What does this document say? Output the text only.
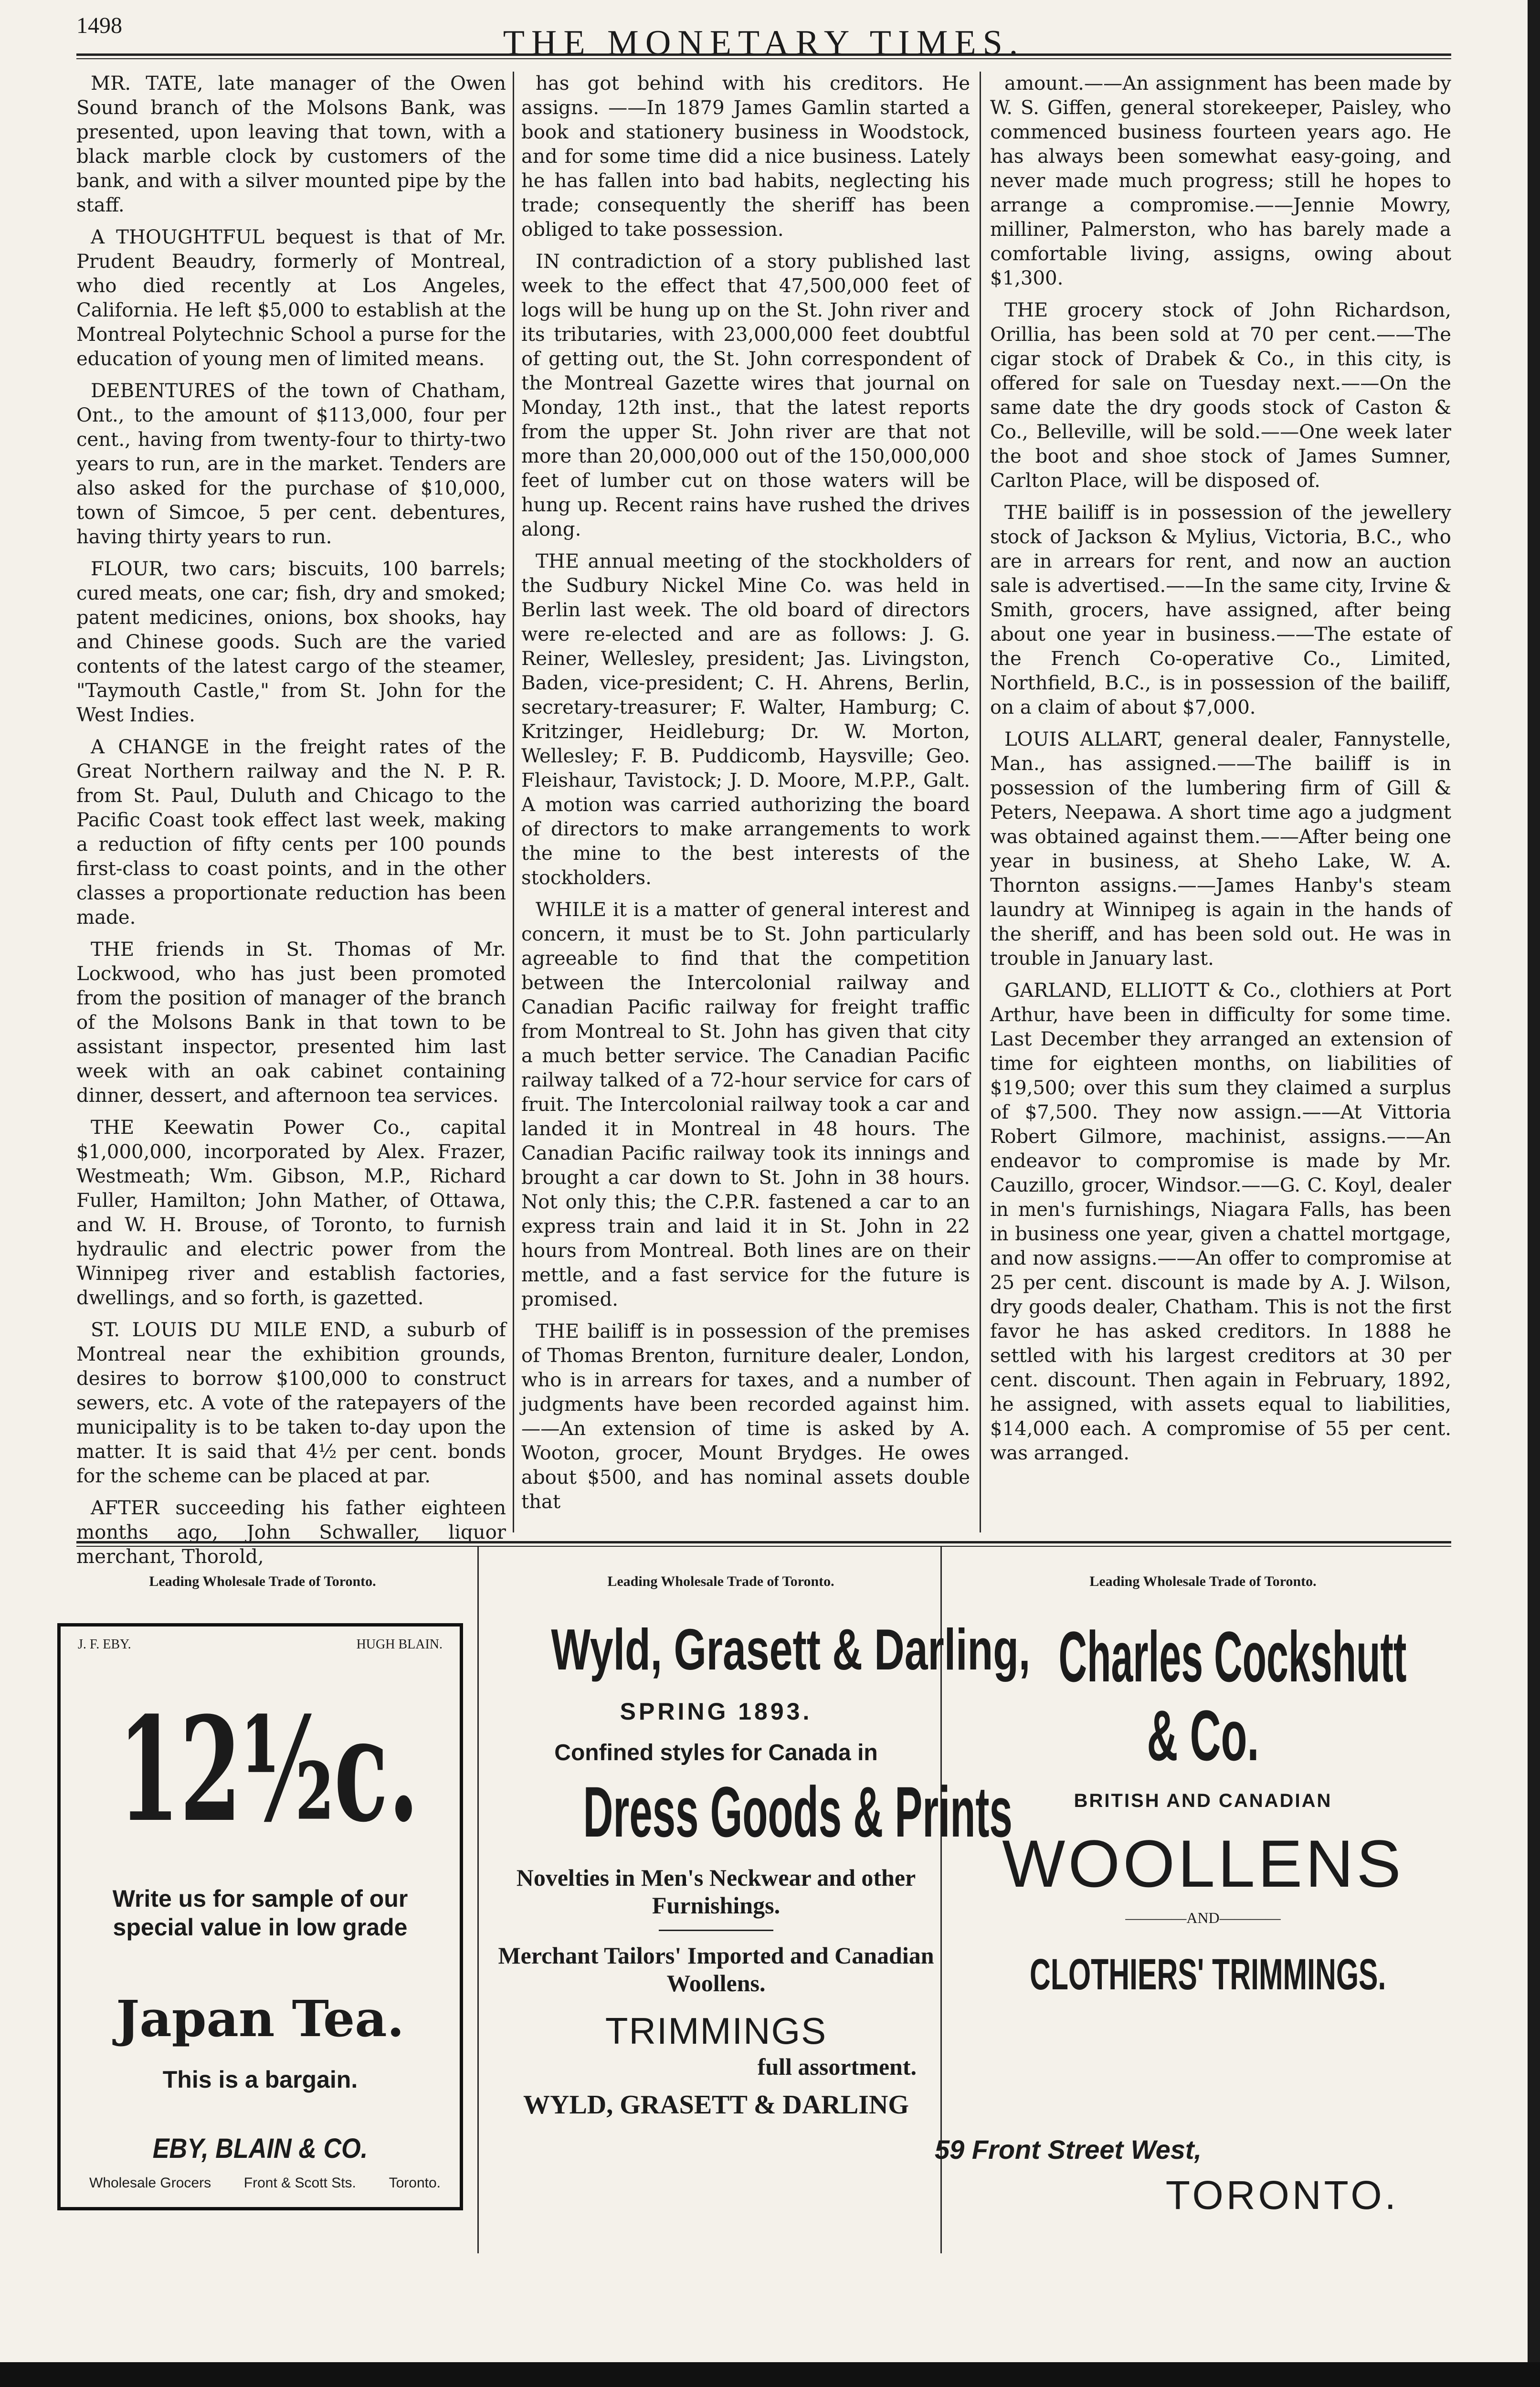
1498	THE MONETARY TIMES.

MR. TATE, late manager of the Owen Sound branch of the Molsons Bank, was presented, upon leaving that town, with a black marble clock by customers of the bank, and with a silver mounted pipe by the staff.

A THOUGHTFUL bequest is that of Mr. Prudent Beaudry, formerly of Montreal, who died recently at Los Angeles, California. He left $5,000 to establish at the Montreal Polytechnic School a purse for the education of young men of limited means.

DEBENTURES of the town of Chatham, Ont., to the amount of $113,000, four per cent., having from twenty-four to thirty-two years to run, are in the market. Tenders are also asked for the purchase of $10,000, town of Simcoe, 5 per cent. debentures, having thirty years to run.

FLOUR, two cars; biscuits, 100 barrels; cured meats, one car; fish, dry and smoked; patent medicines, onions, box shooks, hay and Chinese goods. Such are the varied contents of the latest cargo of the steamer, "Taymouth Castle," from St. John for the West Indies.

A CHANGE in the freight rates of the Great Northern railway and the N. P. R. from St. Paul, Duluth and Chicago to the Pacific Coast took effect last week, making a reduction of fifty cents per 100 pounds first-class to coast points, and in the other classes a proportionate reduction has been made.

THE friends in St. Thomas of Mr. Lockwood, who has just been promoted from the position of manager of the branch of the Molsons Bank in that town to be assistant inspector, presented him last week with an oak cabinet containing dinner, dessert, and afternoon tea services.

THE Keewatin Power Co., capital $1,000,000, incorporated by Alex. Frazer, Westmeath; Wm. Gibson, M.P., Richard Fuller, Hamilton; John Mather, of Ottawa, and W. H. Brouse, of Toronto, to furnish hydraulic and electric power from the Winnipeg river and establish factories, dwellings, and so forth, is gazetted.

ST. LOUIS DU MILE END, a suburb of Montreal near the exhibition grounds, desires to borrow $100,000 to construct sewers, etc. A vote of the ratepayers of the municipality is to be taken to-day upon the matter. It is said that 4½ per cent. bonds for the scheme can be placed at par.

AFTER succeeding his father eighteen months ago, John Schwaller, liquor merchant, Thorold,

has got behind with his creditors. He assigns. ——In 1879 James Gamlin started a book and stationery business in Woodstock, and for some time did a nice business. Lately he has fallen into bad habits, neglecting his trade; consequently the sheriff has been obliged to take possession.

IN contradiction of a story published last week to the effect that 47,500,000 feet of logs will be hung up on the St. John river and its tributaries, with 23,000,000 feet doubtful of getting out, the St. John correspondent of the Montreal Gazette wires that journal on Monday, 12th inst., that the latest reports from the upper St. John river are that not more than 20,000,000 out of the 150,000,000 feet of lumber cut on those waters will be hung up. Recent rains have rushed the drives along.

THE annual meeting of the stockholders of the Sudbury Nickel Mine Co. was held in Berlin last week. The old board of directors were re-elected and are as follows: J. G. Reiner, Wellesley, president; Jas. Livingston, Baden, vice-president; C. H. Ahrens, Berlin, secretary-treasurer; F. Walter, Hamburg; C. Kritzinger, Heidleburg; Dr. W. Morton, Wellesley; F. B. Puddicomb, Haysville; Geo. Fleishaur, Tavistock; J. D. Moore, M.P.P., Galt. A motion was carried authorizing the board of directors to make arrangements to work the mine to the best interests of the stockholders.

WHILE it is a matter of general interest and concern, it must be to St. John particularly agreeable to find that the competition between the Intercolonial railway and Canadian Pacific railway for freight traffic from Montreal to St. John has given that city a much better service. The Canadian Pacific railway talked of a 72-hour service for cars of fruit. The Intercolonial railway took a car and landed it in Montreal in 48 hours. The Canadian Pacific railway took its innings and brought a car down to St. John in 38 hours. Not only this; the C.P.R. fastened a car to an express train and laid it in St. John in 22 hours from Montreal. Both lines are on their mettle, and a fast service for the future is promised.

THE bailiff is in possession of the premises of Thomas Brenton, furniture dealer, London, who is in arrears for taxes, and a number of judgments have been recorded against him. ——An extension of time is asked by A. Wooton, grocer, Mount Brydges. He owes about $500, and has nominal assets double that

amount.——An assignment has been made by W. S. Giffen, general storekeeper, Paisley, who commenced business fourteen years ago. He has always been somewhat easy-going, and never made much progress; still he hopes to arrange a compromise.——Jennie Mowry, milliner, Palmerston, who has barely made a comfortable living, assigns, owing about $1,300.

THE grocery stock of John Richardson, Orillia, has been sold at 70 per cent.——The cigar stock of Drabek & Co., in this city, is offered for sale on Tuesday next.——On the same date the dry goods stock of Caston & Co., Belleville, will be sold.——One week later the boot and shoe stock of James Sumner, Carlton Place, will be disposed of.

THE bailiff is in possession of the jewellery stock of Jackson & Mylius, Victoria, B.C., who are in arrears for rent, and now an auction sale is advertised.——In the same city, Irvine & Smith, grocers, have assigned, after being about one year in business.——The estate of the French Co-operative Co., Limited, Northfield, B.C., is in possession of the bailiff, on a claim of about $7,000.

LOUIS ALLART, general dealer, Fannystelle, Man., has assigned.——The bailiff is in possession of the lumbering firm of Gill & Peters, Neepawa. A short time ago a judgment was obtained against them.——After being one year in business, at Sheho Lake, W. A. Thornton assigns.——James Hanby's steam laundry at Winnipeg is again in the hands of the sheriff, and has been sold out. He was in trouble in January last.

GARLAND, ELLIOTT & Co., clothiers at Port Arthur, have been in difficulty for some time. Last December they arranged an extension of time for eighteen months, on liabilities of $19,500; over this sum they claimed a surplus of $7,500. They now assign.——At Vittoria Robert Gilmore, machinist, assigns.——An endeavor to compromise is made by Mr. Cauzillo, grocer, Windsor.——G. C. Koyl, dealer in men's furnishings, Niagara Falls, has been in business one year, given a chattel mortgage, and now assigns.——An offer to compromise at 25 per cent. discount is made by A. J. Wilson, dry goods dealer, Chatham. This is not the first favor he has asked creditors. In 1888 he settled with his largest creditors at 30 per cent. discount. Then again in February, 1892, he assigned, with assets equal to liabilities, $14,000 each. A compromise of 55 per cent. was arranged.

Leading Wholesale Trade of Toronto.	Leading Wholesale Trade of Toronto.	Leading Wholesale Trade of Toronto.
J. F. EBY.	HUGH BLAIN.
12½c.
Write us for sample of our special value in low grade
Japan Tea.
This is a bargain.
EBY, BLAIN & CO.
Wholesale Grocers Front & Scott Sts. Toronto.
Wyld, Grasett & Darling,
SPRING 1893.
Confined styles for Canada in
Dress Goods & Prints
Novelties in Men's Neckwear and other Furnishings.
Merchant Tailors' Imported and Canadian Woollens.
TRIMMINGS
full assortment.
WYLD, GRASETT & DARLING
Charles Cockshutt
& Co.
BRITISH AND CANADIAN
WOOLLENS
————AND————
CLOTHIERS' TRIMMINGS.
59 Front Street West,
TORONTO.
